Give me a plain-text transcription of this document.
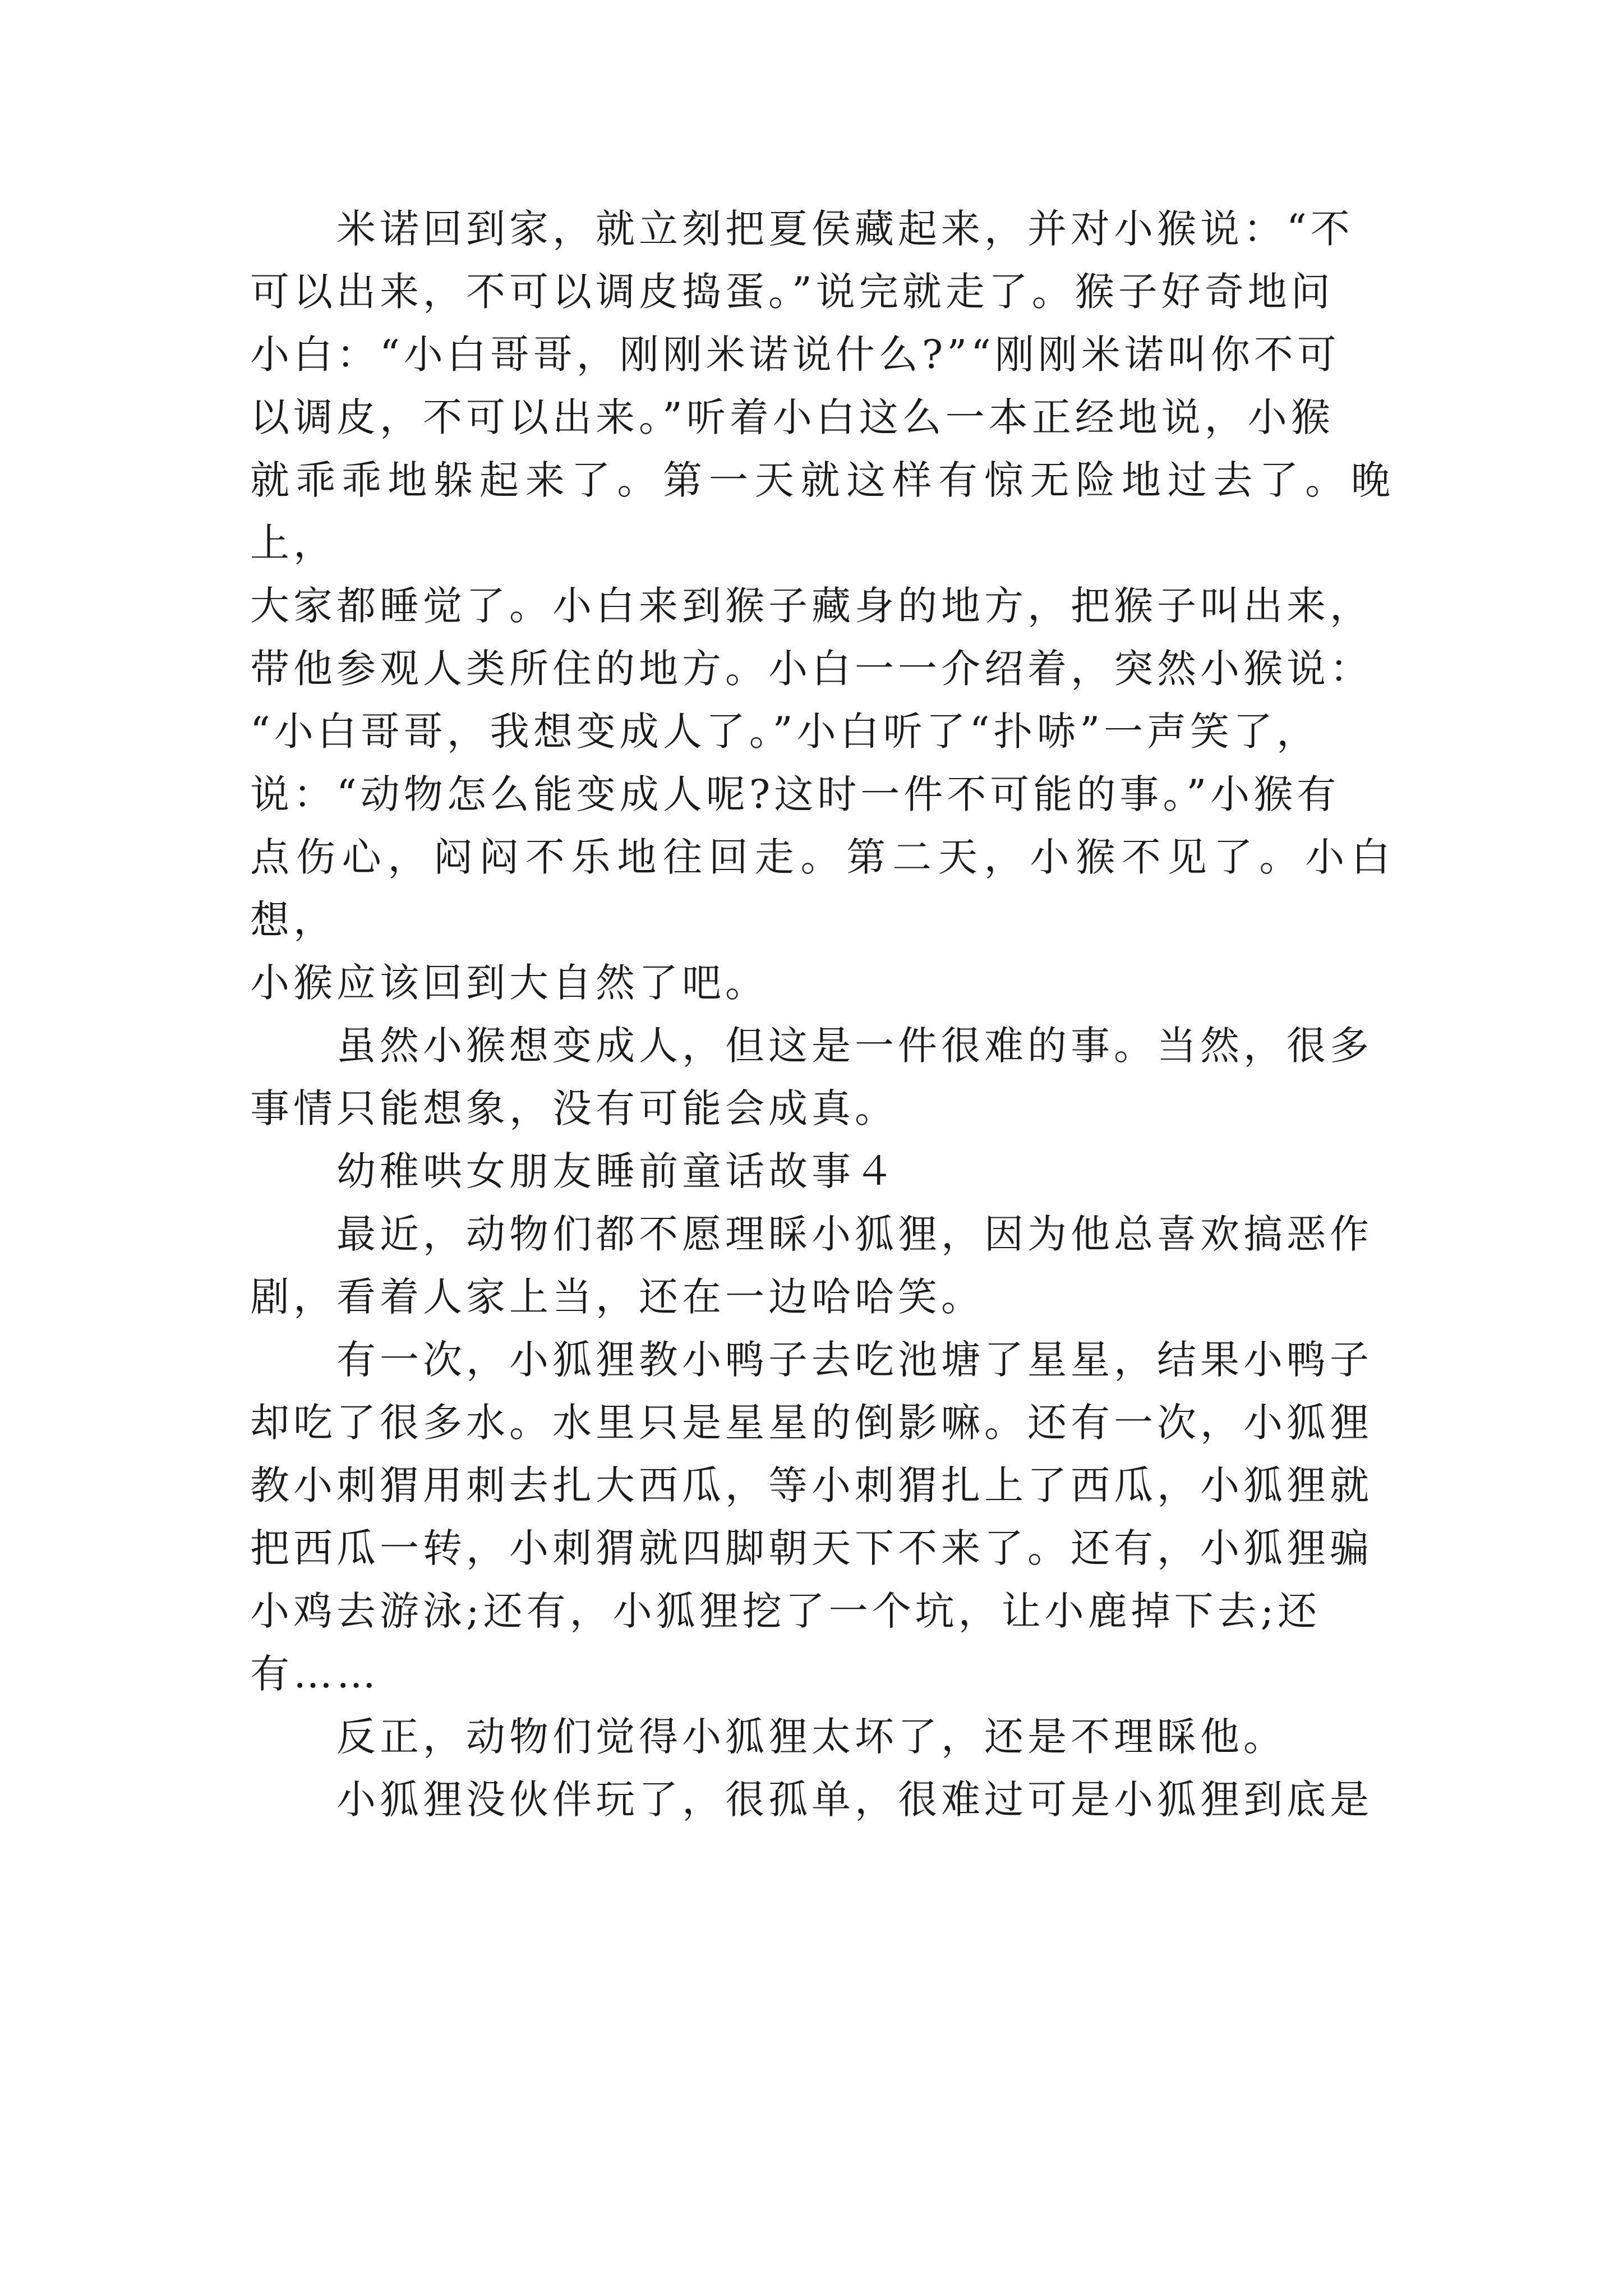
米诺回到家，就立刻把夏侯藏起来，并对小猴说：“不
可以出来，不可以调皮捣蛋。”说完就走了。猴子好奇地问
小白：“小白哥哥，刚刚米诺说什么?”“刚刚米诺叫你不可
以调皮，不可以出来。”听着小白这么一本正经地说，小猴
就乖乖地躲起来了。第一天就这样有惊无险地过去了。晚上，
大家都睡觉了。小白来到猴子藏身的地方，把猴子叫出来，
带他参观人类所住的地方。小白一一介绍着，突然小猴说：
“小白哥哥，我想变成人了。”小白听了“扑哧”一声笑了，
说：“动物怎么能变成人呢?这时一件不可能的事。”小猴有
点伤心，闷闷不乐地往回走。第二天，小猴不见了。小白想，
小猴应该回到大自然了吧。

虽然小猴想变成人，但这是一件很难的事。当然，很多
事情只能想象，没有可能会成真。

幼稚哄女朋友睡前童话故事４

最近，动物们都不愿理睬小狐狸，因为他总喜欢搞恶作
剧，看着人家上当，还在一边哈哈笑。

有一次，小狐狸教小鸭子去吃池塘了星星，结果小鸭子
却吃了很多水。水里只是星星的倒影嘛。还有一次，小狐狸
教小刺猬用刺去扎大西瓜，等小刺猬扎上了西瓜，小狐狸就
把西瓜一转，小刺猬就四脚朝天下不来了。还有，小狐狸骗
小鸡去游泳;还有，小狐狸挖了一个坑，让小鹿掉下去;还
有……

反正，动物们觉得小狐狸太坏了，还是不理睬他。

小狐狸没伙伴玩了，很孤单，很难过可是小狐狸到底是
